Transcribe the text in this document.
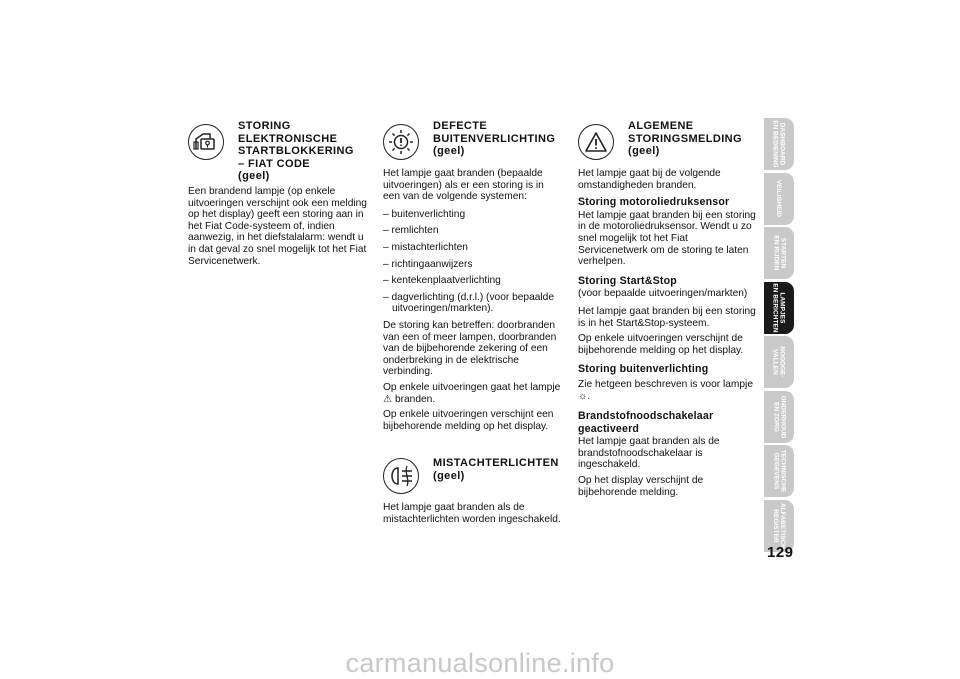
STORING
ELEKTRONISCHE
STARTBLOKKERING
– FIAT CODE
(geel)

Een brandend lampje (op enkele uitvoeringen verschijnt ook een melding op het display) geeft een storing aan in het Fiat Code-systeem of, indien aanwezig, in het diefstalalarm: wendt u in dat geval zo snel mogelijk tot het Fiat Servicenetwerk.

DEFECTE
BUITENVERLICHTING
(geel)

Het lampje gaat branden (bepaalde uitvoeringen) als er een storing is in een van de volgende systemen:

– buitenverlichting
– remlichten
– mistachterlichten
– richtingaanwijzers
– kentekenplaatverlichting
– dagverlichting (d.r.l.) (voor bepaalde uitvoeringen/markten).

De storing kan betreffen: doorbranden van een of meer lampen, doorbranden van de bijbehorende zekering of een onderbreking in de elektrische verbinding.

Op enkele uitvoeringen gaat het lampje ⚠ branden.

Op enkele uitvoeringen verschijnt een bijbehorende melding op het display.

MISTACHTERLICHTEN
(geel)

Het lampje gaat branden als de mistachterlichten worden ingeschakeld.

ALGEMENE
STORINGSMELDING
(geel)

Het lampje gaat bij de volgende omstandigheden branden.

Storing motoroliedruksensor

Het lampje gaat branden bij een storing in de motoroliedruksensor. Wendt u zo snel mogelijk tot het Fiat Servicenetwerk om de storing te laten verhelpen.

Storing Start&Stop

(voor bepaalde uitvoeringen/markten)

Het lampje gaat branden bij een storing is in het Start&Stop-systeem.

Op enkele uitvoeringen verschijnt de bijbehorende melding op het display.

Storing buitenverlichting

Zie hetgeen beschreven is voor lampje ☼.

Brandstofnoodschakelaar geactiveerd

Het lampje gaat branden als de brandstofnoodschakelaar is ingeschakeld.

Op het display verschijnt de bijbehorende melding.

DASHBOARD
EN BEDIENING
VEILIGHEID
STARTEN
EN RIJDEN
LAMPJES
EN BERICHTEN
NOODGE-
VALLEN
ONDERHOUD
EN ZORG
TECHNISCHE
GEGEVENS
ALFABETISCH
REGISTER
129
carmanualsonline.info
